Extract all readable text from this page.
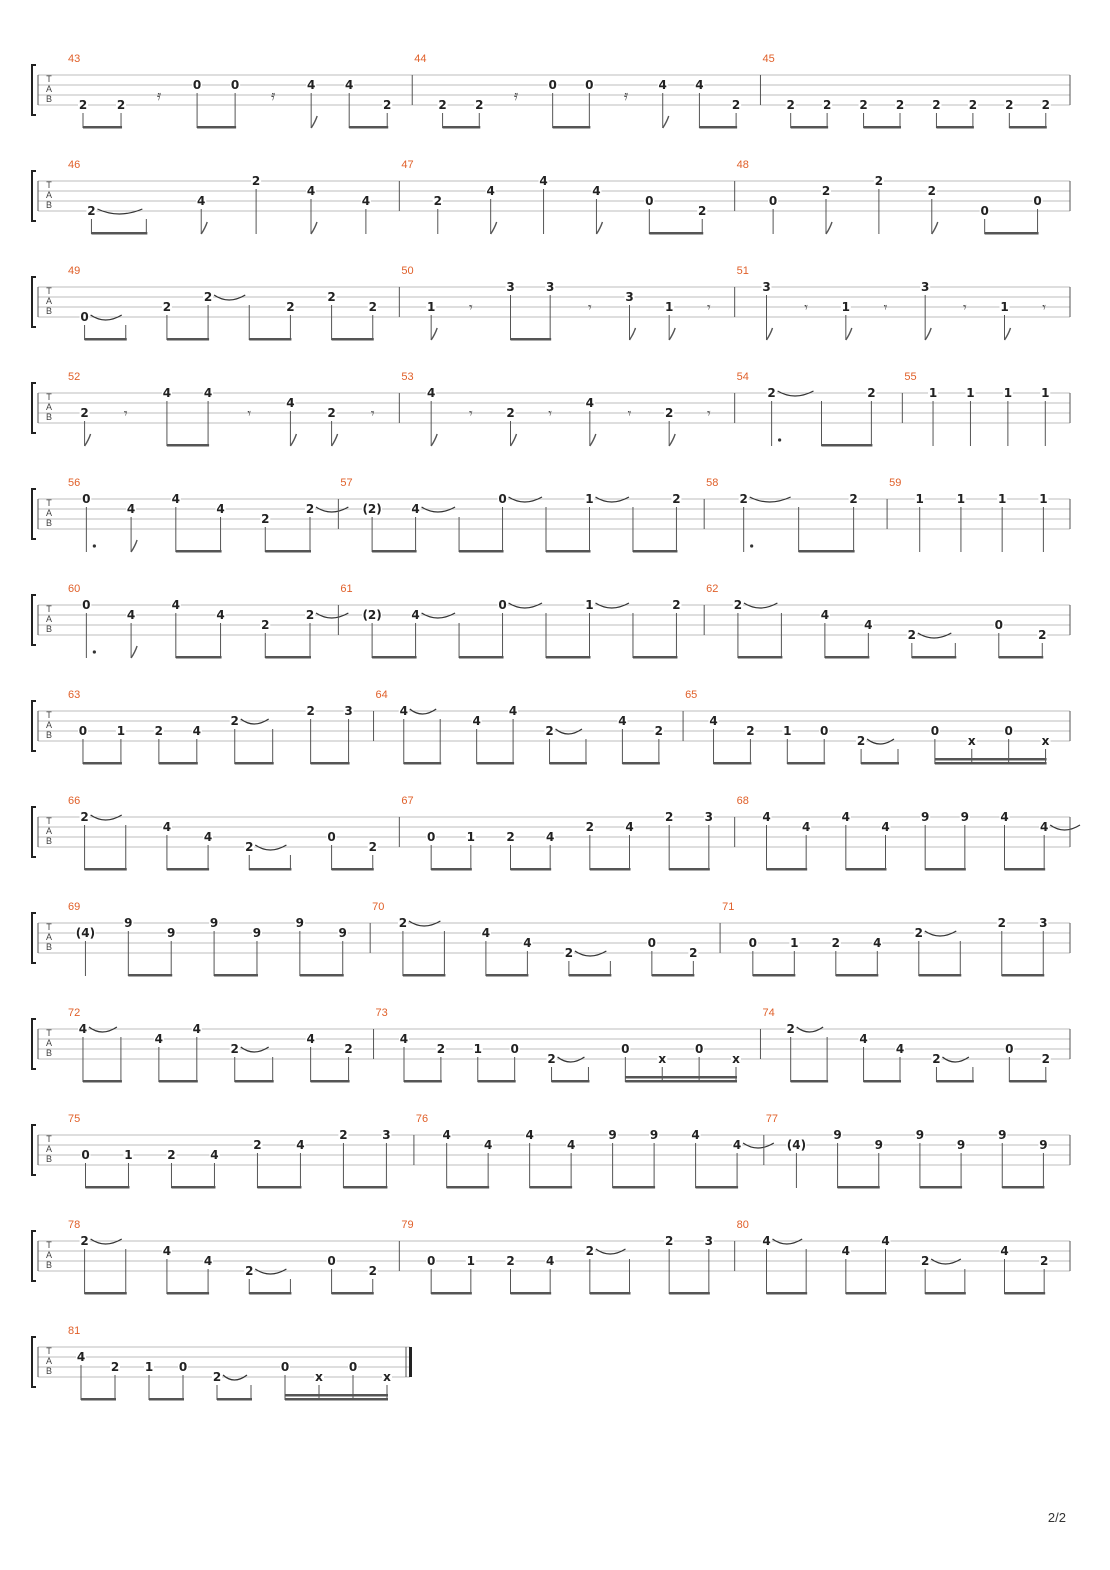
T
A
B
43
2 2
𝄿
0 0
𝄿
4 4
2
44
2 2
𝄿
0 0
𝄿
4 4
2
45
2 2 2 2 2 2 2 2
T
A
B
46
2
4
2
4
4
47
2
4
4
4
0
2
48
0
2
2
2
0
0
T
A
B
49
0
2
2
2
2
2
50
1 𝄾
3	3
𝄾
3
1 𝄾
51
3
𝄾	1 𝄾
3
𝄾	1 𝄾
T
A
B
52
2	𝄾
4	4
𝄾
4
2	𝄾
53
4
𝄾	2 𝄾
4
𝄾	2 𝄾
54
2	2
55
1 1 1 1
T
A
B
56
0
4
4
4
2
2
57
(2) 4
0	1	2
58
2	2
59
1	1	1	1
T
A
B
60
0
4
4
4
2
2
61
(2) 4
0	1	2
62
2
4
4
2
0
2
T
A
B
63
0 1 2 4
2
2 3
64
4
4
4
2
4
2
65
4
2 1 0
2
0
x
0
x
T
A
B
66
2
4
4
2
0
2
67
0	1	2	4
2	4
2	3
68
4
4
4
4
9	9	4
4
T
A
B
69
(4)
9
9
9
9
9
9
70
2
4
4
2
0
2
71
0	1	2	4
2
2	3
T
A
B
72
4
4
4
2
4
2
73
4
2 1 0
2
0
x
0
x
74
2
4
4
2
0
2
T
A
B
75
0	1	2	4
2	4
2	3
76
4
4
4
4
9	9	4
4
77
(4)
9
9
9
9
9
9
T
A
B
78
2
4
4
2
0
2
79
0	1	2	4
2
2	3
80
4
4
4
2
4
2
T
A
B
81
4
2 1 0
2
0
x
0
x
2/2
